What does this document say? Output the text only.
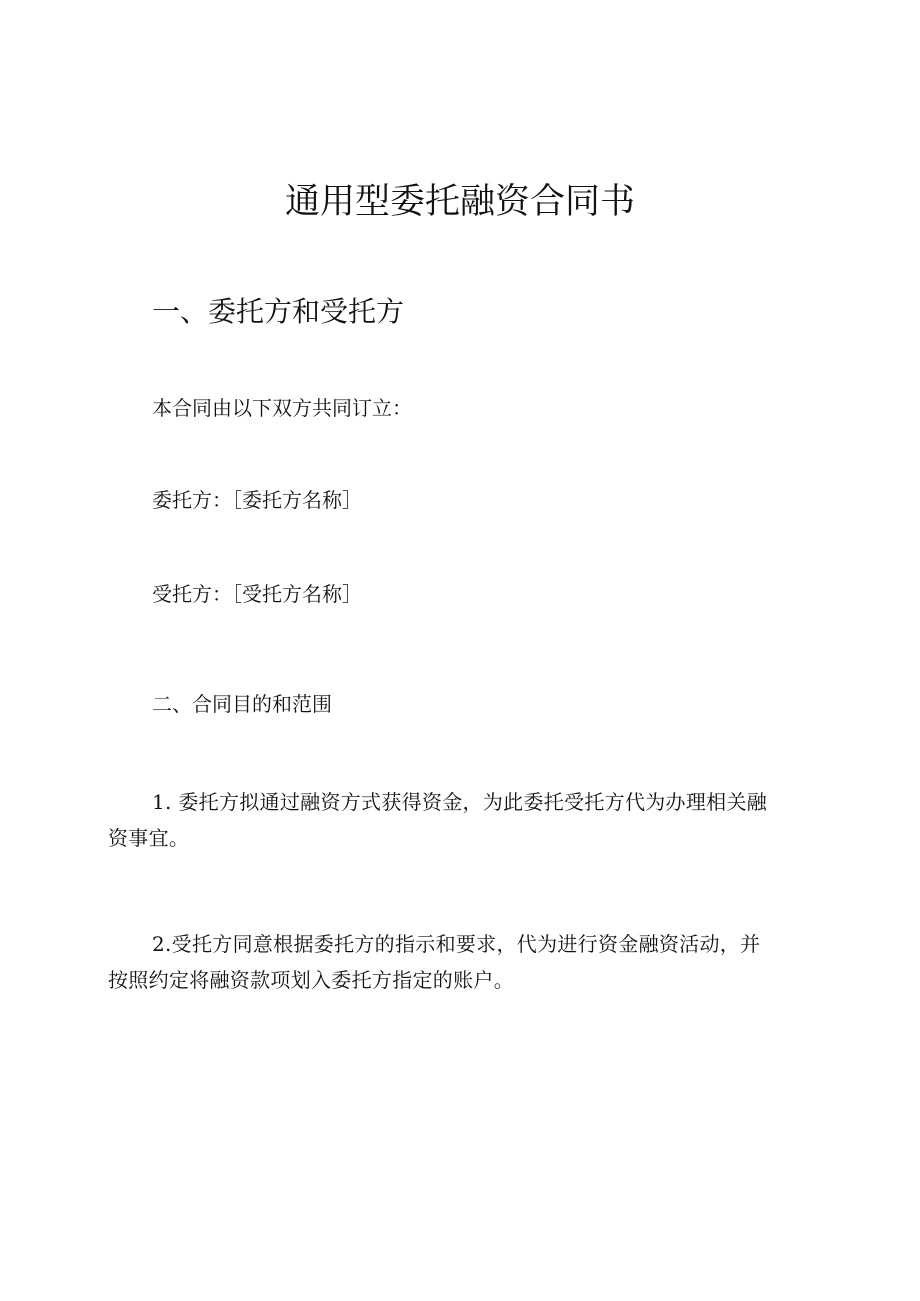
通用型委托融资合同书
一、委托方和受托方
本合同由以下双方共同订立：
委托方：［委托方名称］
受托方：［受托方名称］
二、合同目的和范围
1. 委托方拟通过融资方式获得资金，为此委托受托方代为办理相关融
资事宜。
2.受托方同意根据委托方的指示和要求，代为进行资金融资活动，并
按照约定将融资款项划入委托方指定的账户。
